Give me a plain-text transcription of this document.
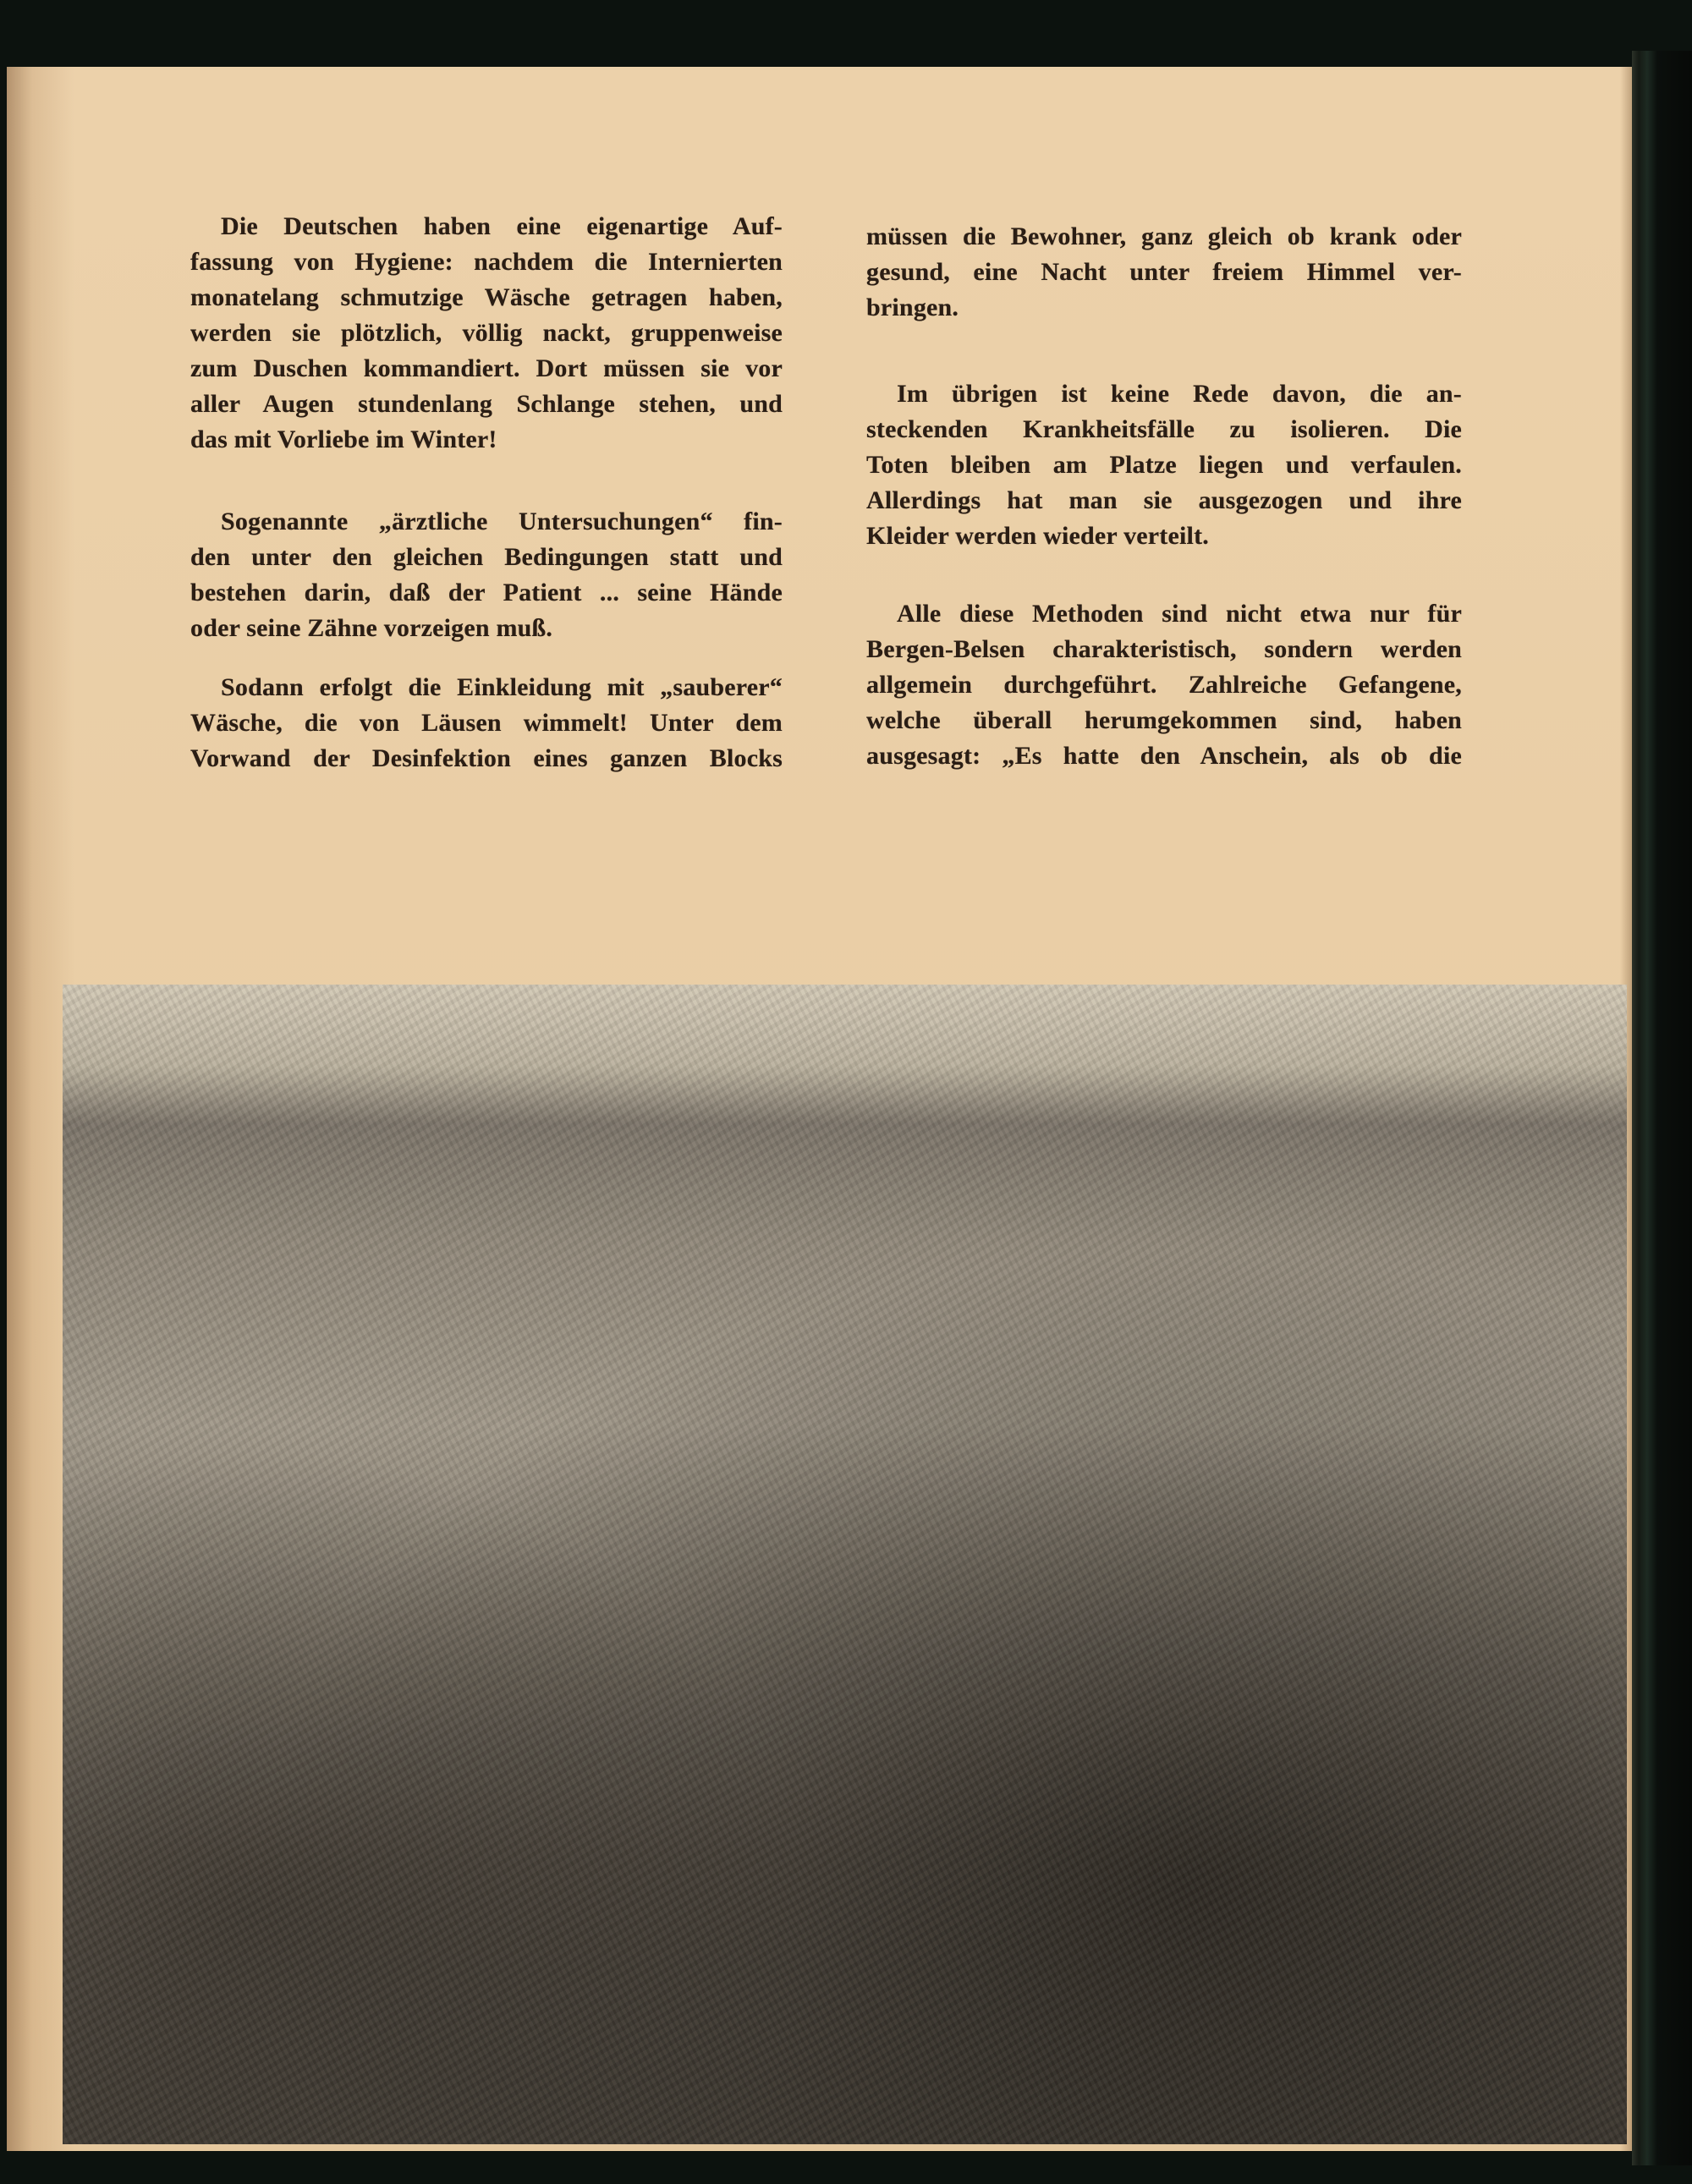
Die Deutschen haben eine eigenartige Auf-
fassung von Hygiene: nachdem die Internierten
monatelang schmutzige Wäsche getragen haben,
werden sie plötzlich, völlig nackt, gruppenweise
zum Duschen kommandiert. Dort müssen sie vor
aller Augen stundenlang Schlange stehen, und
das mit Vorliebe im Winter!
Sogenannte „ärztliche Untersuchungen“ fin-
den unter den gleichen Bedingungen statt und
bestehen darin, daß der Patient ... seine Hände
oder seine Zähne vorzeigen muß.
Sodann erfolgt die Einkleidung mit „sauberer“
Wäsche, die von Läusen wimmelt! Unter dem
Vorwand der Desinfektion eines ganzen Blocks
müssen die Bewohner, ganz gleich ob krank oder
gesund, eine Nacht unter freiem Himmel ver-
bringen.
Im übrigen ist keine Rede davon, die an-
steckenden Krankheitsfälle zu isolieren. Die
Toten bleiben am Platze liegen und verfaulen.
Allerdings hat man sie ausgezogen und ihre
Kleider werden wieder verteilt.
Alle diese Methoden sind nicht etwa nur für
Bergen-Belsen charakteristisch, sondern werden
allgemein durchgeführt. Zahlreiche Gefangene,
welche überall herumgekommen sind, haben
ausgesagt: „Es hatte den Anschein, als ob die
